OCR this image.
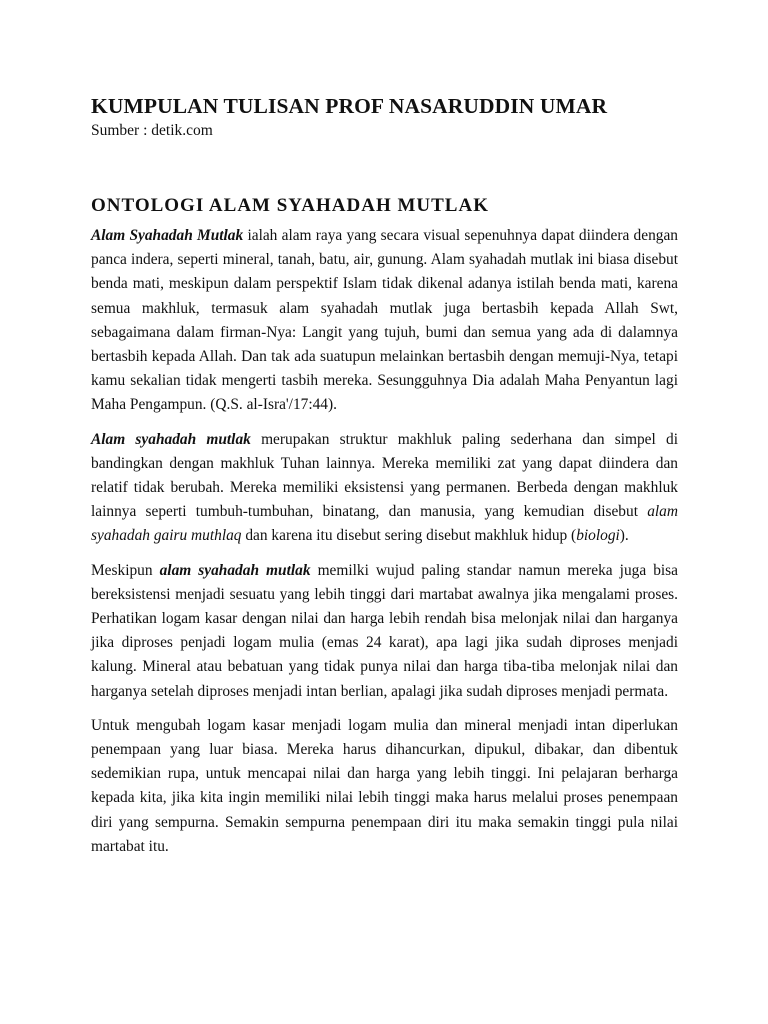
KUMPULAN TULISAN PROF NASARUDDIN UMAR

Sumber : detik.com

ONTOLOGI ALAM SYAHADAH MUTLAK

Alam Syahadah Mutlak ialah alam raya yang secara visual sepenuhnya dapat diindera dengan panca indera, seperti mineral, tanah, batu, air, gunung. Alam syahadah mutlak ini biasa disebut benda mati, meskipun dalam perspektif Islam tidak dikenal adanya istilah benda mati, karena semua makhluk, termasuk alam syahadah mutlak juga bertasbih kepada Allah Swt, sebagaimana dalam firman-Nya: Langit yang tujuh, bumi dan semua yang ada di dalamnya bertasbih kepada Allah. Dan tak ada suatupun melainkan bertasbih dengan memuji-Nya, tetapi kamu sekalian tidak mengerti tasbih mereka. Sesungguhnya Dia adalah Maha Penyantun lagi Maha Pengampun. (Q.S. al-Isra'/17:44).

Alam syahadah mutlak merupakan struktur makhluk paling sederhana dan simpel di bandingkan dengan makhluk Tuhan lainnya. Mereka memiliki zat yang dapat diindera dan relatif tidak berubah. Mereka memiliki eksistensi yang permanen. Berbeda dengan makhluk lainnya seperti tumbuh-tumbuhan, binatang, dan manusia, yang kemudian disebut alam syahadah gairu muthlaq dan karena itu disebut sering disebut makhluk hidup (biologi).

Meskipun alam syahadah mutlak memilki wujud paling standar namun mereka juga bisa bereksistensi menjadi sesuatu yang lebih tinggi dari martabat awalnya jika mengalami proses. Perhatikan logam kasar dengan nilai dan harga lebih rendah bisa melonjak nilai dan harganya jika diproses penjadi logam mulia (emas 24 karat), apa lagi jika sudah diproses menjadi kalung. Mineral atau bebatuan yang tidak punya nilai dan harga tiba-tiba melonjak nilai dan harganya setelah diproses menjadi intan berlian, apalagi jika sudah diproses menjadi permata.

Untuk mengubah logam kasar menjadi logam mulia dan mineral menjadi intan diperlukan penempaan yang luar biasa. Mereka harus dihancurkan, dipukul, dibakar, dan dibentuk sedemikian rupa, untuk mencapai nilai dan harga yang lebih tinggi. Ini pelajaran berharga kepada kita, jika kita ingin memiliki nilai lebih tinggi maka harus melalui proses penempaan diri yang sempurna. Semakin sempurna penempaan diri itu maka semakin tinggi pula nilai martabat itu.
